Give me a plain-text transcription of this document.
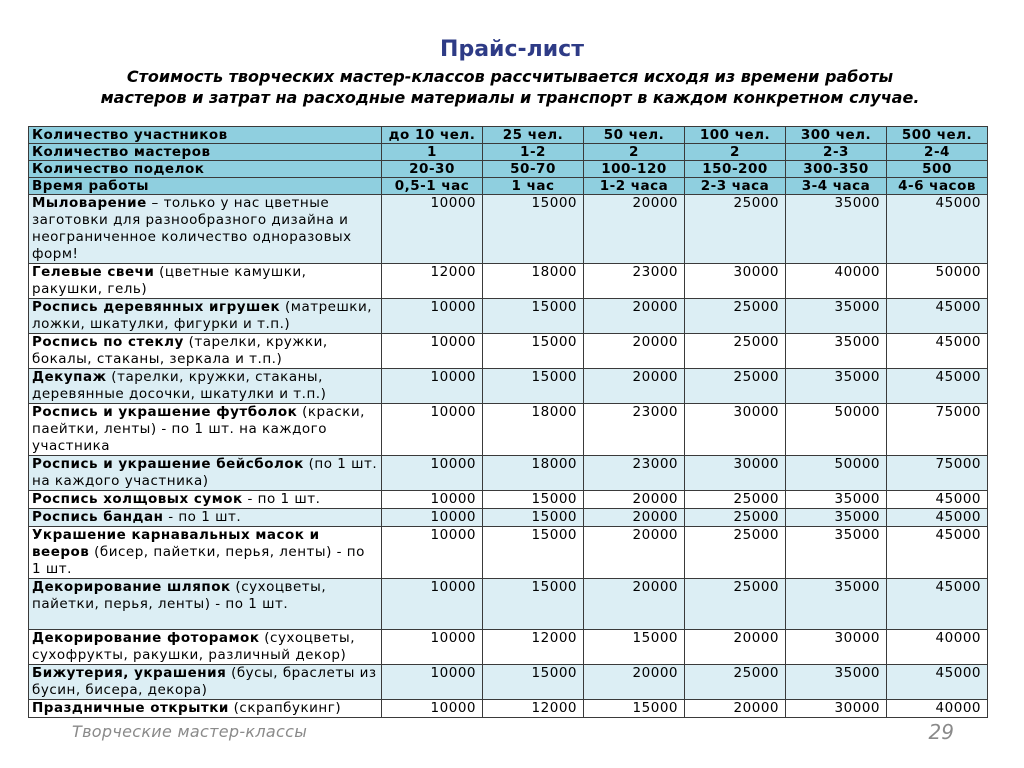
Прайс-лист
Стоимость творческих мастер-классов рассчитывается исходя из времени работы
мастеров и затрат на расходные материалы и транспорт в каждом конкретном случае.
Количество участников	до 10 чел.	25 чел.	50 чел.	100 чел.	300 чел.	500 чел.
Количество мастеров	1	1-2	2	2	2-3	2-4
Количество поделок	20-30	50-70	100-120	150-200	300-350	500
Время работы	0,5-1 час	1 час	1-2 часа	2-3 часа	3-4 часа	4-6 часов
Мыловарение – только у нас цветные заготовки для разнообразного дизайна и неограниченное количество одноразовых форм!	10000	15000	20000	25000	35000	45000
Гелевые свечи (цветные камушки, ракушки, гель)	12000	18000	23000	30000	40000	50000
Роспись деревянных игрушек (матрешки, ложки, шкатулки, фигурки и т.п.)	10000	15000	20000	25000	35000	45000
Роспись по стеклу (тарелки, кружки, бокалы, стаканы, зеркала и т.п.)	10000	15000	20000	25000	35000	45000
Декупаж (тарелки, кружки, стаканы, деревянные досочки, шкатулки и т.п.)	10000	15000	20000	25000	35000	45000
Роспись и украшение футболок (краски, паейтки, ленты) - по 1 шт. на каждого участника	10000	18000	23000	30000	50000	75000
Роспись и украшение бейсболок (по 1 шт. на каждого участника)	10000	18000	23000	30000	50000	75000
Роспись холщовых сумок - по 1 шт.	10000	15000	20000	25000	35000	45000
Роспись бандан - по 1 шт.	10000	15000	20000	25000	35000	45000
Украшение карнавальных масок и вееров (бисер, пайетки, перья, ленты) - по 1 шт.	10000	15000	20000	25000	35000	45000
Декорирование шляпок (сухоцветы, пайетки, перья, ленты) - по 1 шт.	10000	15000	20000	25000	35000	45000
Декорирование фоторамок (сухоцветы, сухофрукты, ракушки, различный декор)	10000	12000	15000	20000	30000	40000
Бижутерия, украшения (бусы, браслеты из бусин, бисера, декора)	10000	15000	20000	25000	35000	45000
Праздничные открытки (скрапбукинг)	10000	12000	15000	20000	30000	40000
Творческие мастер-классы	29
